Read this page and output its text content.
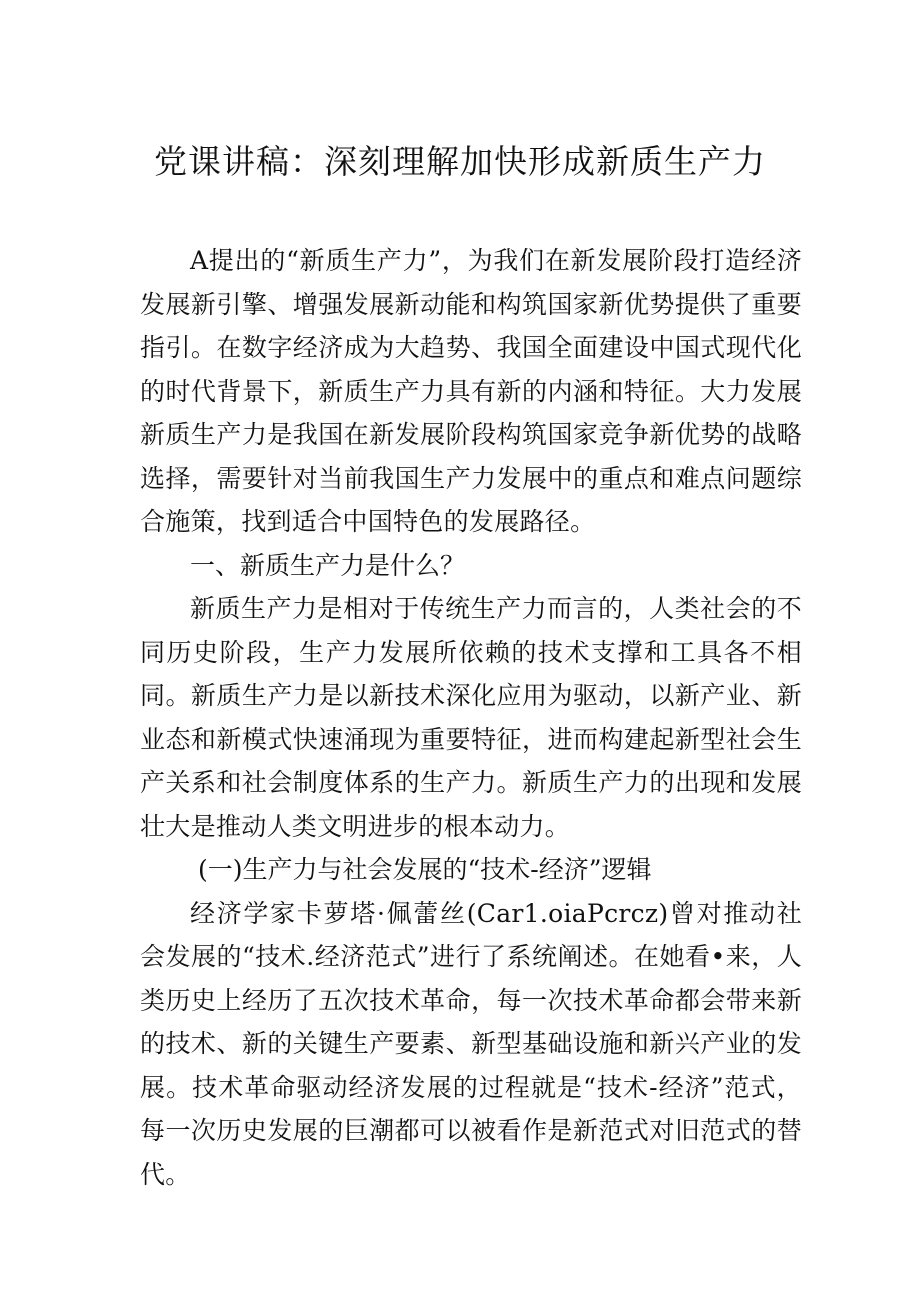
党课讲稿：深刻理解加快形成新质生产力

A提出的“新质生产力”，为我们在新发展阶段打造经济发展新引擎、增强发展新动能和构筑国家新优势提供了重要指引。在数字经济成为大趋势、我国全面建设中国式现代化的时代背景下，新质生产力具有新的内涵和特征。大力发展新质生产力是我国在新发展阶段构筑国家竞争新优势的战略选择，需要针对当前我国生产力发展中的重点和难点问题综合施策，找到适合中国特色的发展路径。

一、新质生产力是什么？

新质生产力是相对于传统生产力而言的，人类社会的不同历史阶段，生产力发展所依赖的技术支撑和工具各不相同。新质生产力是以新技术深化应用为驱动，以新产业、新业态和新模式快速涌现为重要特征，进而构建起新型社会生产关系和社会制度体系的生产力。新质生产力的出现和发展壮大是推动人类文明进步的根本动力。

(一)生产力与社会发展的“技术-经济”逻辑

经济学家卡萝塔·佩蕾丝(Car1.oiaPcrcz)曾对推动社会发展的“技术.经济范式”进行了系统阐述。在她看•来，人类历史上经历了五次技术革命，每一次技术革命都会带来新的技术、新的关键生产要素、新型基础设施和新兴产业的发展。技术革命驱动经济发展的过程就是“技术-经济”范式，每一次历史发展的巨潮都可以被看作是新范式对旧范式的替代。
